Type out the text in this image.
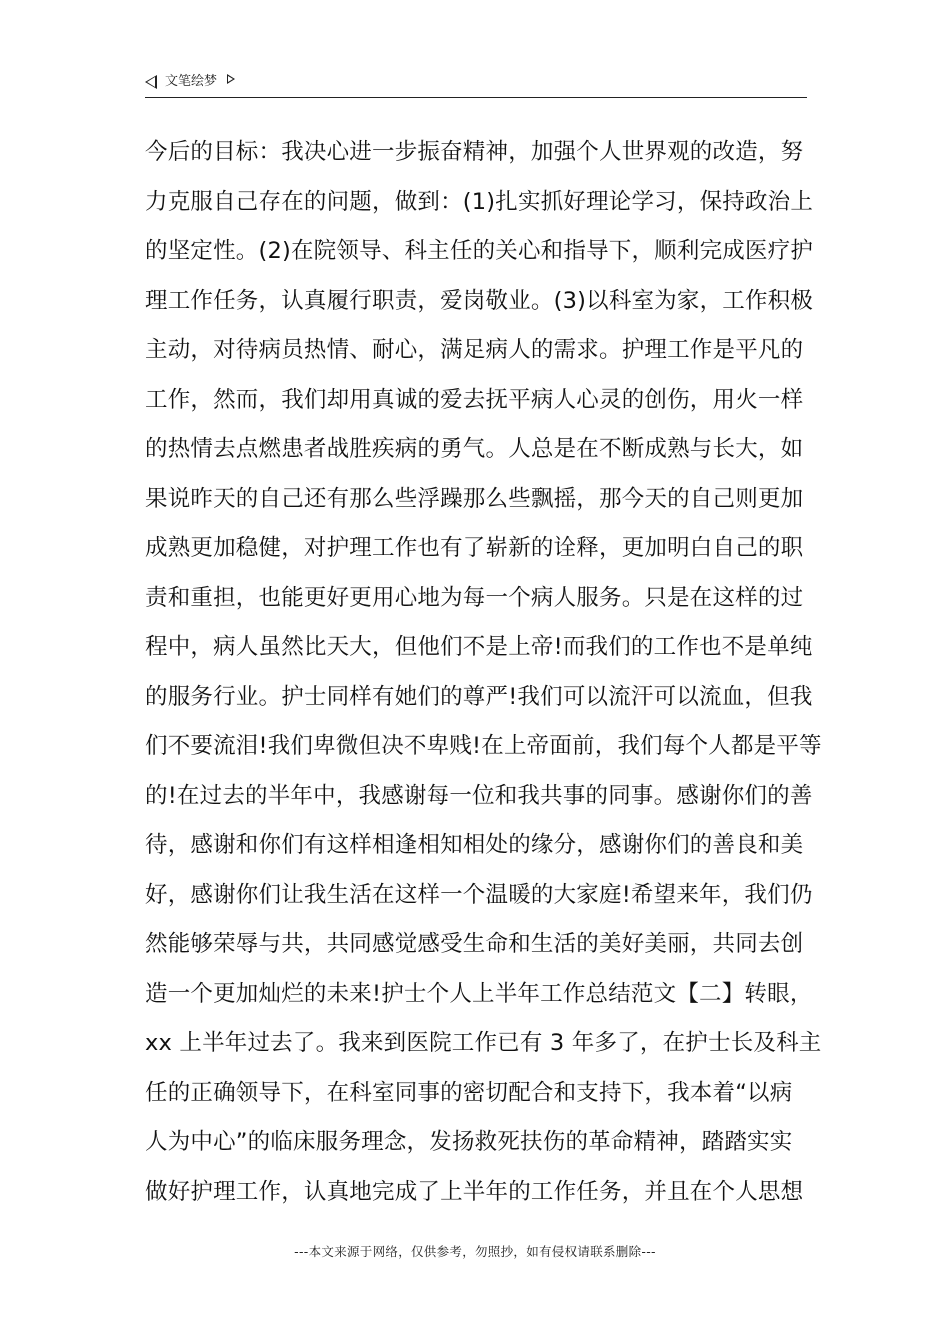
文笔绘梦
今后的目标：我决心进一步振奋精神，加强个人世界观的改造，努
力克服自己存在的问题，做到：(1)扎实抓好理论学习，保持政治上
的坚定性。(2)在院领导、科主任的关心和指导下，顺利完成医疗护
理工作任务，认真履行职责，爱岗敬业。(3)以科室为家，工作积极
主动，对待病员热情、耐心，满足病人的需求。护理工作是平凡的
工作，然而，我们却用真诚的爱去抚平病人心灵的创伤，用火一样
的热情去点燃患者战胜疾病的勇气。人总是在不断成熟与长大，如
果说昨天的自己还有那么些浮躁那么些飘摇，那今天的自己则更加
成熟更加稳健，对护理工作也有了崭新的诠释，更加明白自己的职
责和重担，也能更好更用心地为每一个病人服务。只是在这样的过
程中，病人虽然比天大，但他们不是上帝!而我们的工作也不是单纯
的服务行业。护士同样有她们的尊严!我们可以流汗可以流血，但我
们不要流泪!我们卑微但决不卑贱!在上帝面前，我们每个人都是平等
的!在过去的半年中，我感谢每一位和我共事的同事。感谢你们的善
待，感谢和你们有这样相逢相知相处的缘分，感谢你们的善良和美
好，感谢你们让我生活在这样一个温暖的大家庭!希望来年，我们仍
然能够荣辱与共，共同感觉感受生命和生活的美好美丽，共同去创
造一个更加灿烂的未来!护士个人上半年工作总结范文【二】转眼，
xx 上半年过去了。我来到医院工作已有 3 年多了，在护士长及科主
任的正确领导下，在科室同事的密切配合和支持下，我本着“以病
人为中心”的临床服务理念，发扬救死扶伤的革命精神，踏踏实实
做好护理工作，认真地完成了上半年的工作任务，并且在个人思想
---本文来源于网络，仅供参考，勿照抄，如有侵权请联系删除---
